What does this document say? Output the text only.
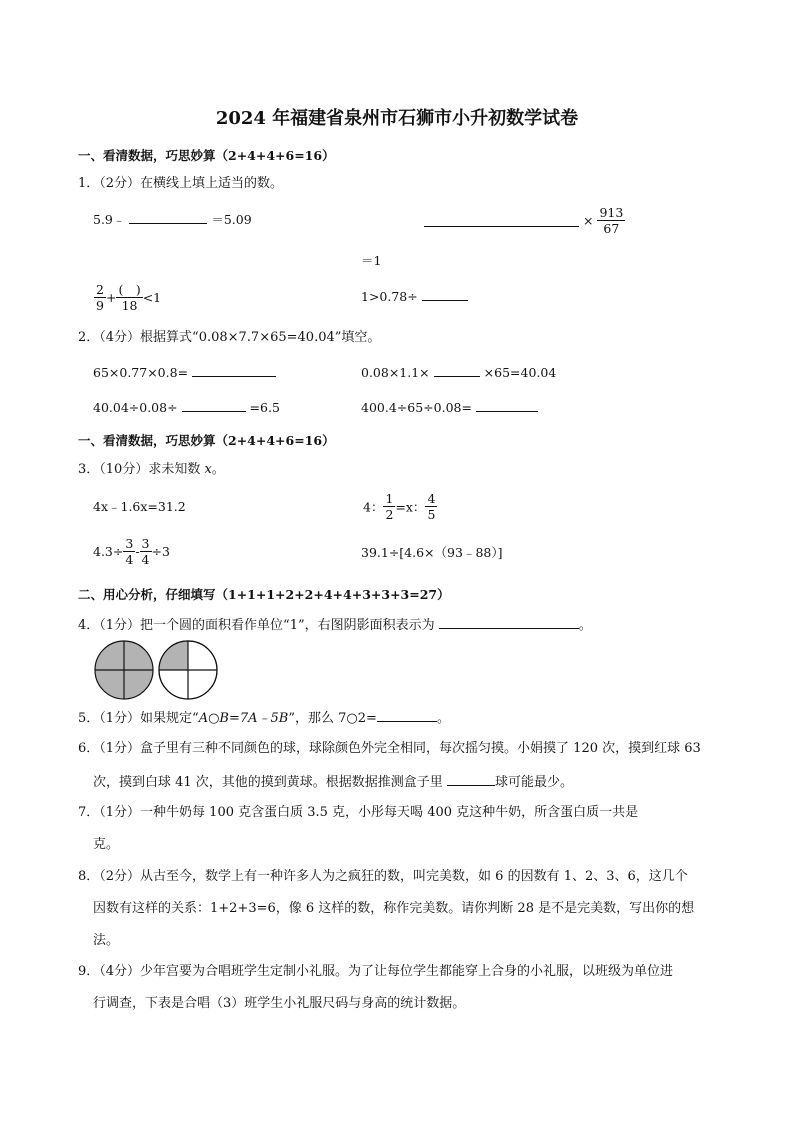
2024 年福建省泉州市石狮市小升初数学试卷
一、看清数据，巧思妙算（2+4+4+6=16）
1．（2分）在横线上填上适当的数。
5.9﹣	＝5.09	× $\frac{913}{67}$
＝1
$\frac{2}{9} + \frac{( )}{18} <1$	1>0.78÷
2．（4分）根据算式“0.08×7.7×65=40.04”填空。
65×0.77×0.8=	0.08×1.1×	×65=40.04
40.04÷0.08÷	=6.5	400.4÷65÷0.08=
一、看清数据，巧思妙算（2+4+4+6=16）
3．（10分）求未知数 x。
4x﹣1.6x=31.2	4： $\frac{1}{2} =x$： $\frac{4}{5}$
$4.3\div \frac{3}{4} - \frac{3}{4} \div 3$	39.1÷[4.6×（93﹣88）]
二、用心分析，仔细填写（1+1+1+2+2+4+4+3+3+3=27）
4．（1分）把一个圆的面积看作单位“1”，右图阴影面积表示为	。
5．（1分）如果规定“A○B=7A﹣5B”，那么 7○2=	。
6．（1分）盒子里有三种不同颜色的球，球除颜色外完全相同，每次摇匀摸。小娟摸了 120 次，摸到红球 63
次，摸到白球 41 次，其他的摸到黄球。根据数据推测盒子里	球可能最少。
7．（1分）一种牛奶每 100 克含蛋白质 3.5 克，小彤每天喝 400 克这种牛奶，所含蛋白质一共是
克。
8．（2分）从古至今，数学上有一种许多人为之疯狂的数，叫完美数，如 6 的因数有 1、2、3、6，这几个
因数有这样的关系：1+2+3=6，像 6 这样的数，称作完美数。请你判断 28 是不是完美数，写出你的想
法。
9．（4分）少年宫要为合唱班学生定制小礼服。为了让每位学生都能穿上合身的小礼服，以班级为单位进
行调查，下表是合唱（3）班学生小礼服尺码与身高的统计数据。
